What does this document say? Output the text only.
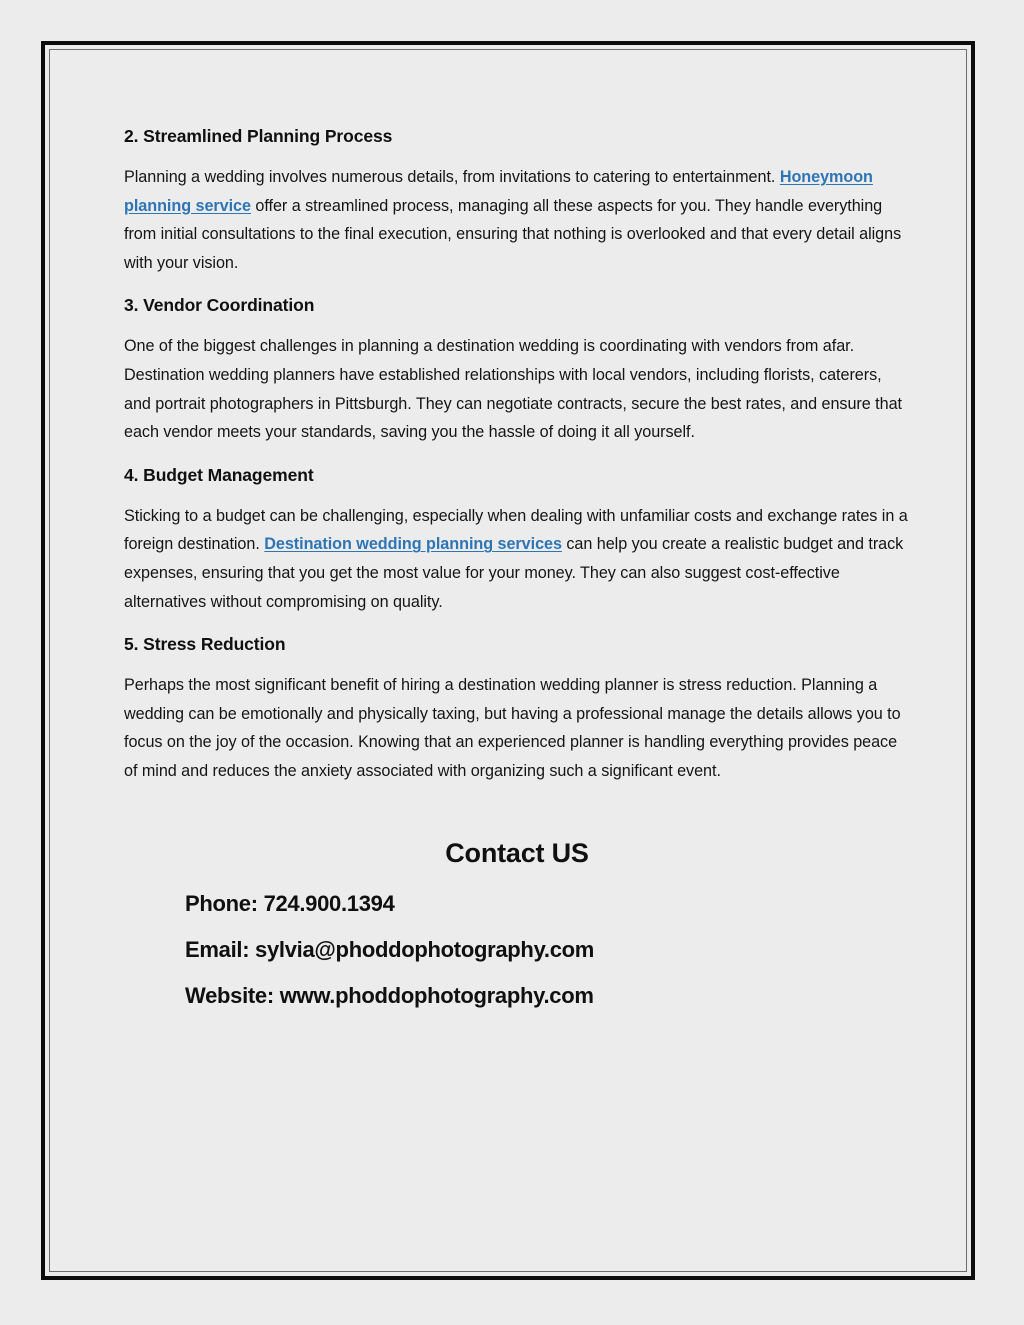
2. Streamlined Planning Process

Planning a wedding involves numerous details, from invitations to catering to entertainment. Honeymoon planning service offer a streamlined process, managing all these aspects for you. They handle everything from initial consultations to the final execution, ensuring that nothing is overlooked and that every detail aligns with your vision.

3. Vendor Coordination

One of the biggest challenges in planning a destination wedding is coordinating with vendors from afar. Destination wedding planners have established relationships with local vendors, including florists, caterers, and portrait photographers in Pittsburgh. They can negotiate contracts, secure the best rates, and ensure that each vendor meets your standards, saving you the hassle of doing it all yourself.

4. Budget Management

Sticking to a budget can be challenging, especially when dealing with unfamiliar costs and exchange rates in a foreign destination. Destination wedding planning services can help you create a realistic budget and track expenses, ensuring that you get the most value for your money. They can also suggest cost-effective alternatives without compromising on quality.

5. Stress Reduction

Perhaps the most significant benefit of hiring a destination wedding planner is stress reduction. Planning a wedding can be emotionally and physically taxing, but having a professional manage the details allows you to focus on the joy of the occasion. Knowing that an experienced planner is handling everything provides peace of mind and reduces the anxiety associated with organizing such a significant event.

Contact US
Phone: 724.900.1394
Email: sylvia@phoddophotography.com
Website: www.phoddophotography.com
